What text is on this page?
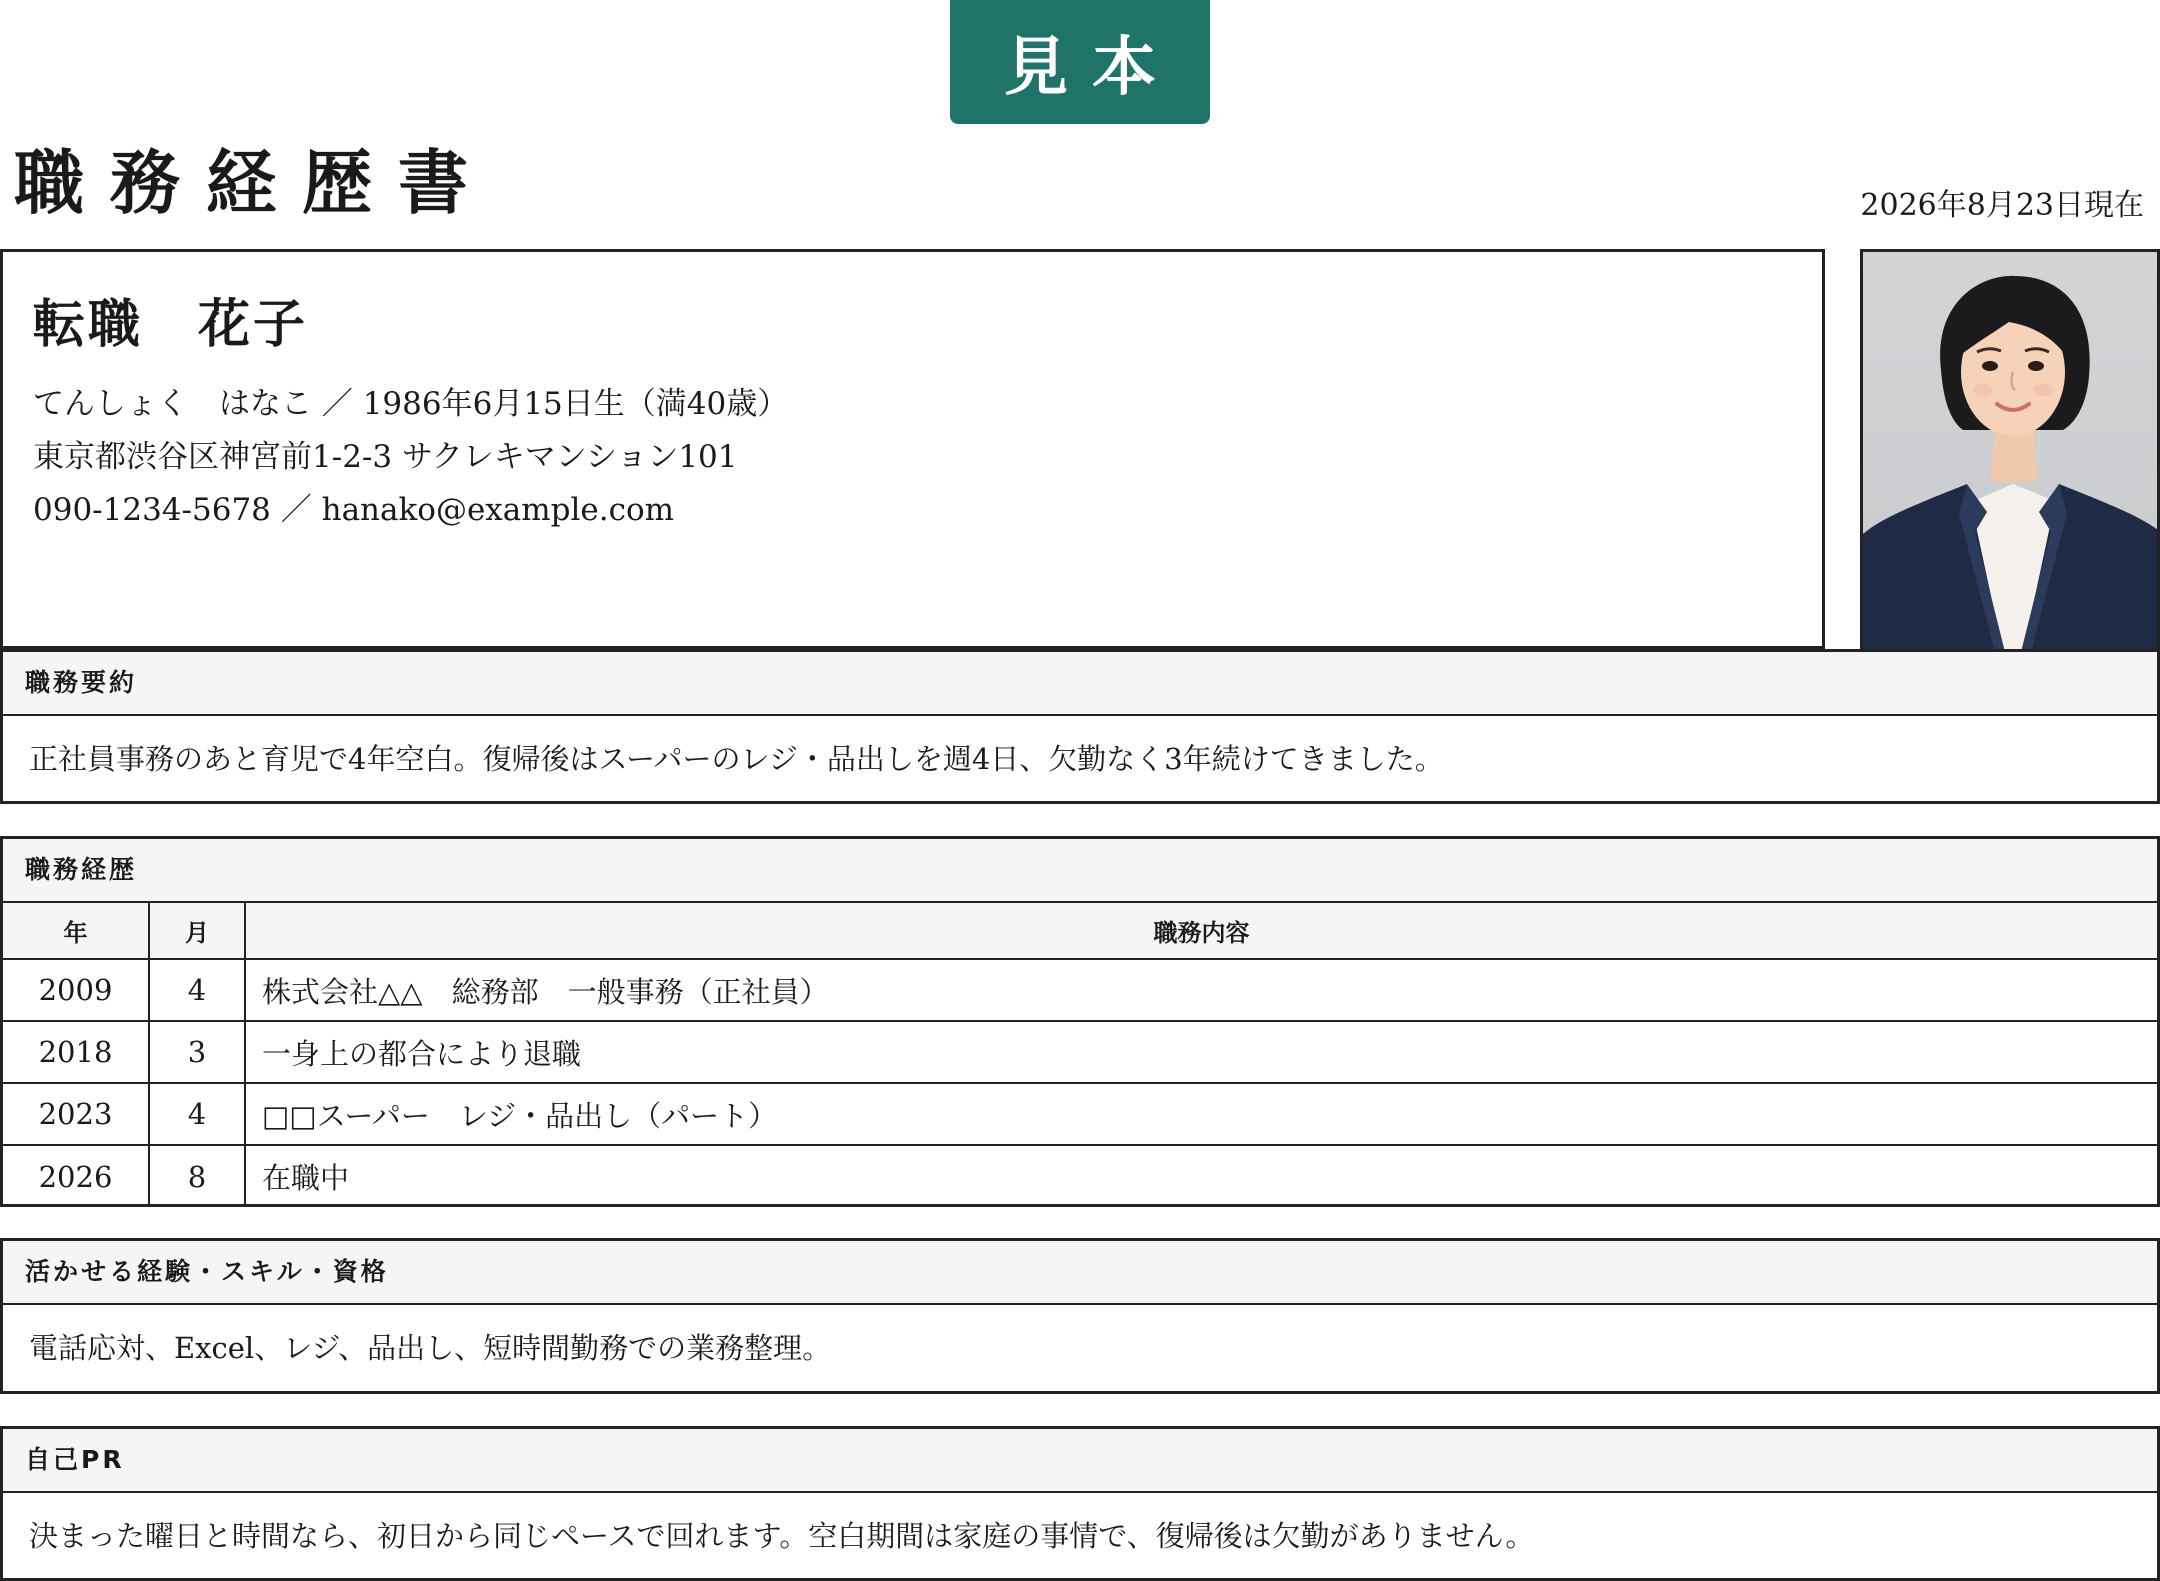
見本
職務経歴書	2026年8月23日現在
転職　花子
てんしょく　はなこ ／ 1986年6月15日生（満40歳）
東京都渋谷区神宮前1-2-3 サクレキマンション101
090-1234-5678 ／ hanako@example.com
職務要約
正社員事務のあと育児で4年空白。復帰後はスーパーのレジ・品出しを週4日、欠勤なく3年続けてきました。
職務経歴
年	月	職務内容
2009	4	株式会社△△　総務部　一般事務（正社員）
2018	3	一身上の都合により退職
2023	4	□□スーパー　レジ・品出し（パート）
2026	8	在職中
活かせる経験・スキル・資格
電話応対、Excel、レジ、品出し、短時間勤務での業務整理。
自己PR
決まった曜日と時間なら、初日から同じペースで回れます。空白期間は家庭の事情で、復帰後は欠勤がありません。
